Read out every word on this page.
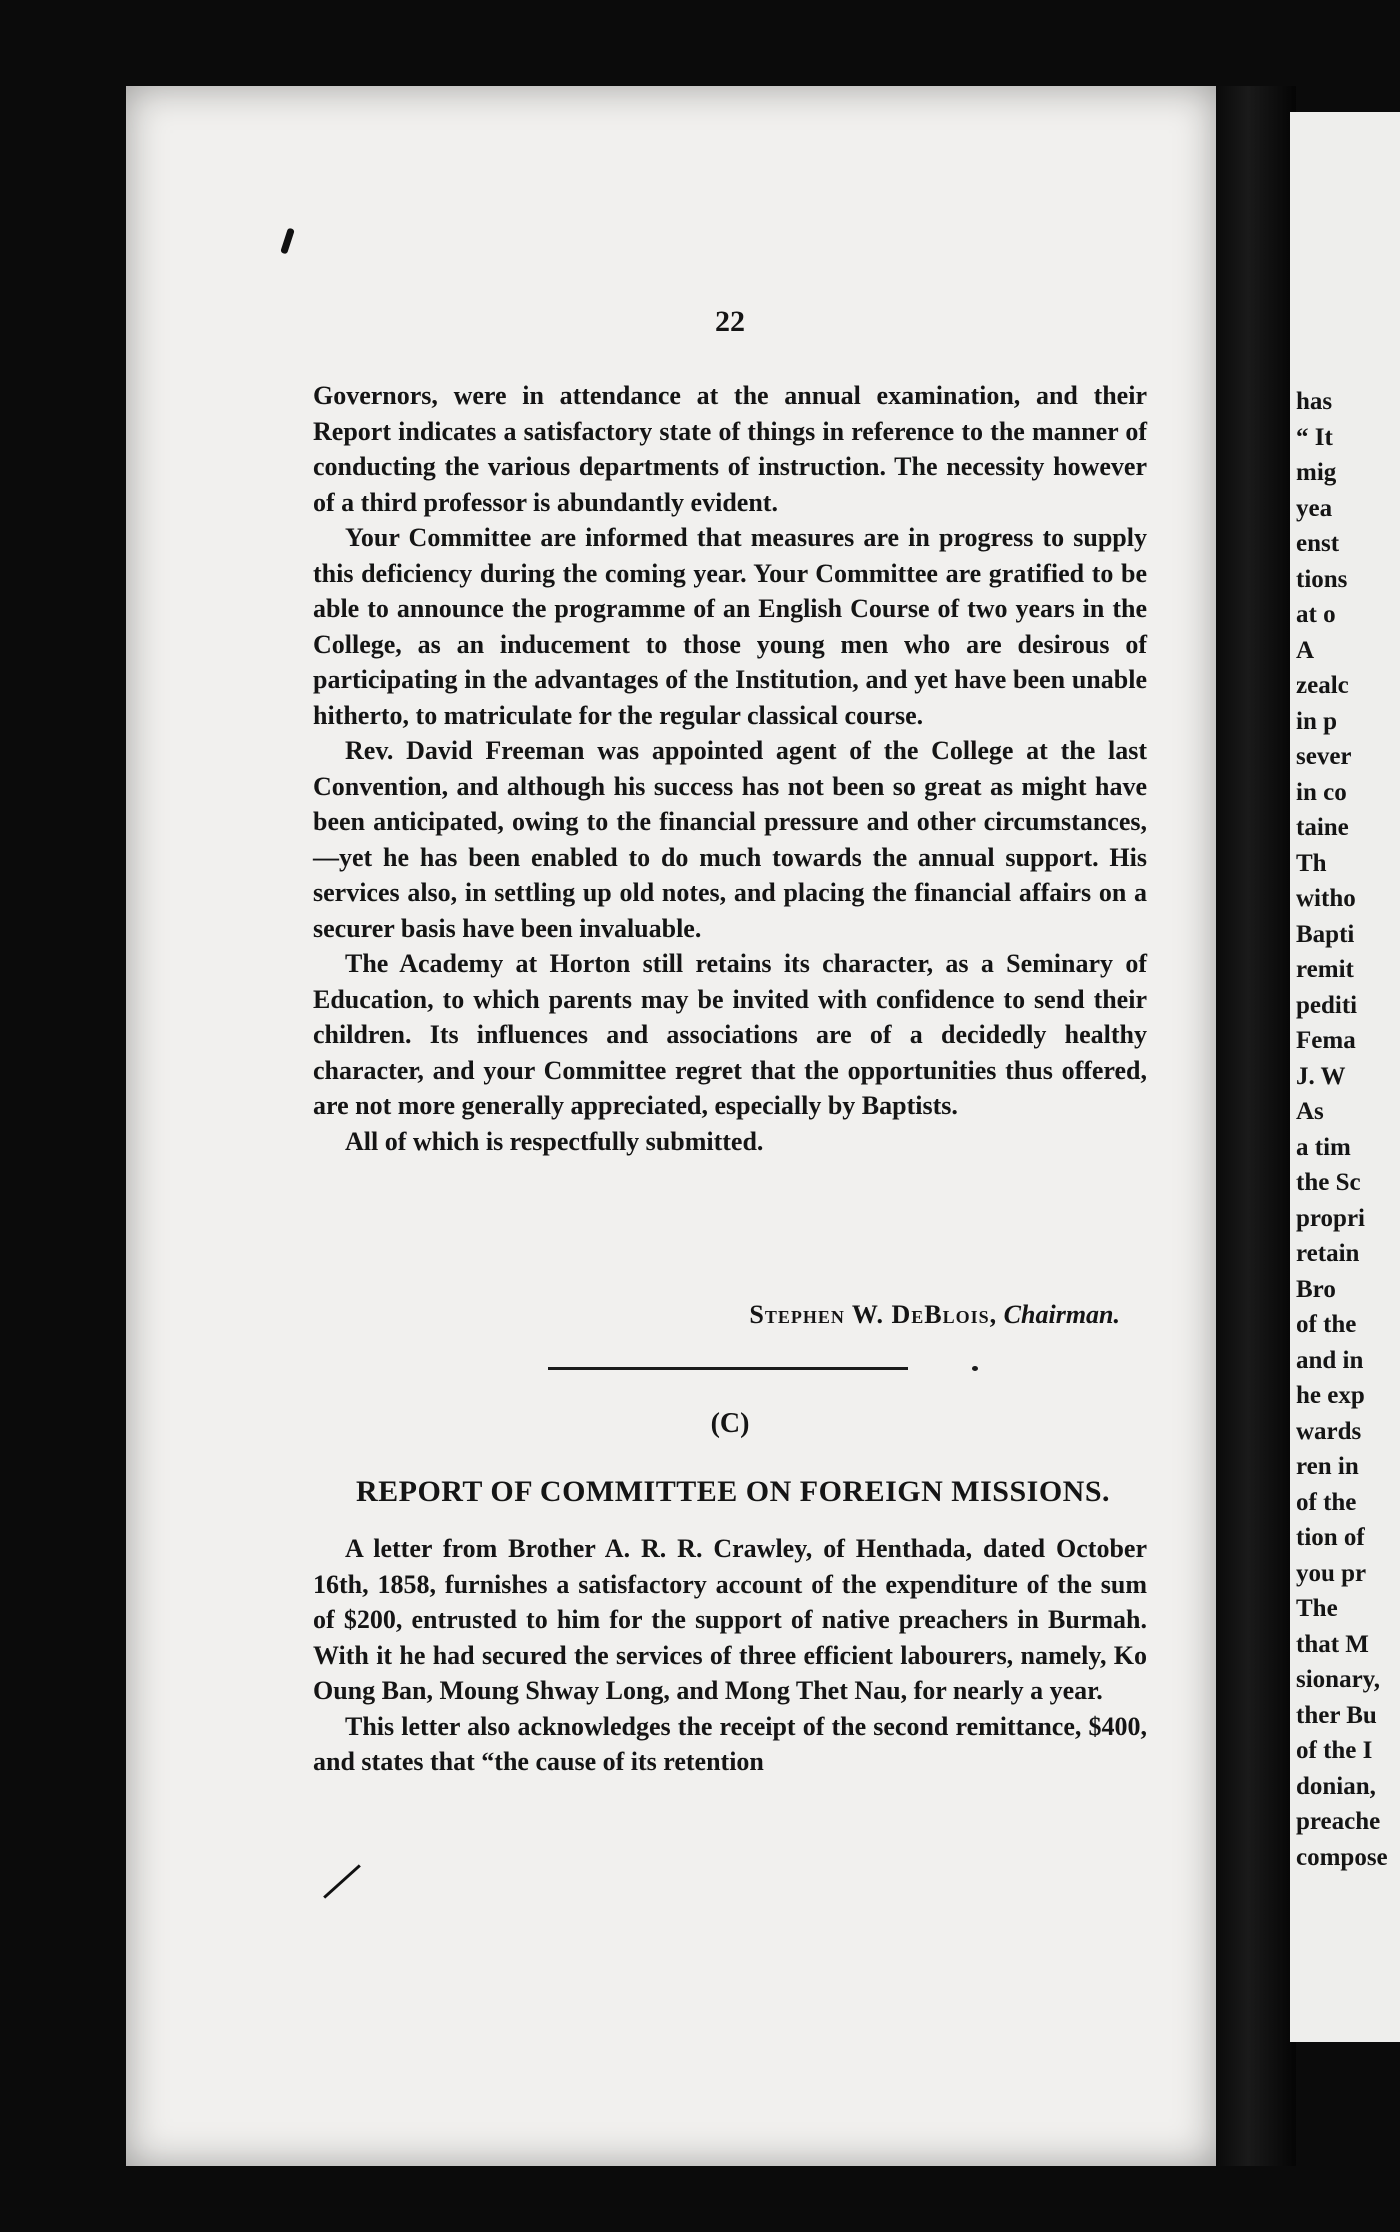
22

Governors, were in attendance at the annual examination, and their Report indicates a satisfactory state of things in reference to the manner of conducting the various departments of instruction. The necessity however of a third professor is abundantly evident.

Your Committee are informed that measures are in progress to supply this deficiency during the coming year. Your Committee are gratified to be able to announce the programme of an English Course of two years in the College, as an inducement to those young men who are desirous of participating in the advantages of the Institution, and yet have been unable hitherto, to matriculate for the regular classical course.

Rev. David Freeman was appointed agent of the College at the last Convention, and although his success has not been so great as might have been anticipated, owing to the financial pressure and other circumstances,—yet he has been enabled to do much towards the annual support. His services also, in settling up old notes, and placing the financial affairs on a securer basis have been invaluable.

The Academy at Horton still retains its character, as a Seminary of Education, to which parents may be invited with confidence to send their children. Its influences and associations are of a decidedly healthy character, and your Committee regret that the opportunities thus offered, are not more generally appreciated, especially by Baptists.

All of which is respectfully submitted.

Stephen W. DeBlois, Chairman.
(C)
REPORT OF COMMITTEE ON FOREIGN MISSIONS.

A letter from Brother A. R. R. Crawley, of Henthada, dated October 16th, 1858, furnishes a satisfactory account of the expenditure of the sum of $200, entrusted to him for the support of native preachers in Burmah. With it he had secured the services of three efficient labourers, namely, Ko Oung Ban, Moung Shway Long, and Mong Thet Nau, for nearly a year.

This letter also acknowledges the receipt of the second remittance, $400, and states that “the cause of its retention

has
“ It
mig
yea
enst
tions
at o
A
zealc
in p
sever
in co
taine
Th
witho
Bapti
remit
pediti
Fema
J. W
As
a tim
the Sc
propri
retain
Bro
of the
and in
he exp
wards
ren in
of the
tion of
you pr
The
that M
sionary,
ther Bu
of the I
donian,
preache
compose
